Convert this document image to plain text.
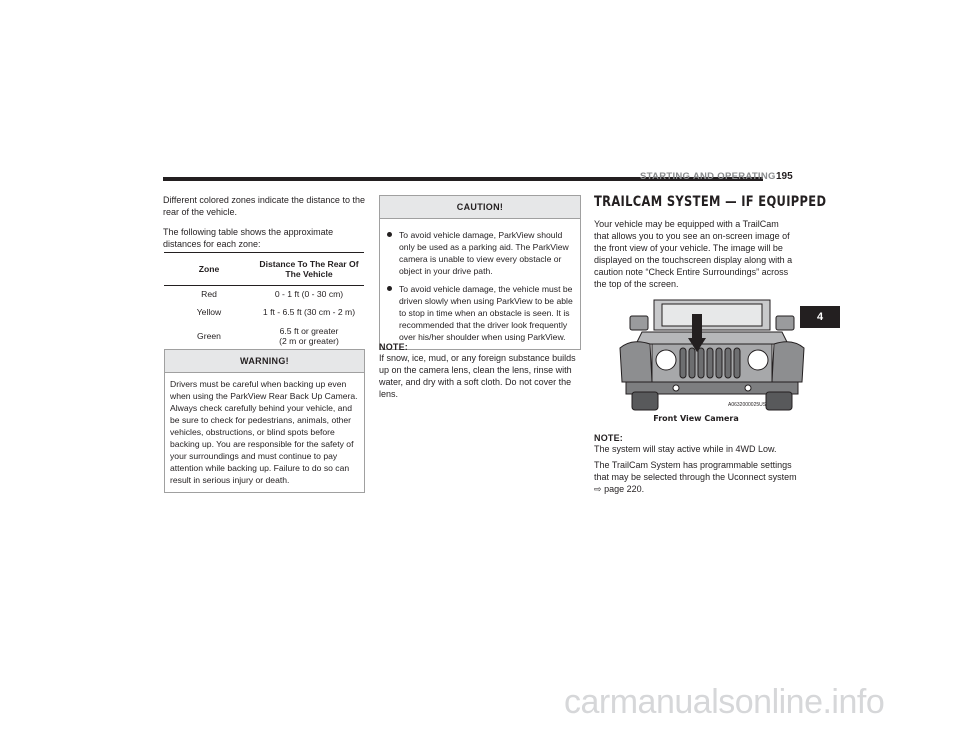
STARTING AND OPERATING 195

Different colored zones indicate the distance to the rear of the vehicle.

The following table shows the approximate distances for each zone:

Zone	Distance To The Rear Of
The Vehicle
Red	0 - 1 ft (0 - 30 cm)
Yellow	1 ft - 6.5 ft (30 cm - 2 m)
Green	6.5 ft or greater
(2 m or greater)
WARNING!
Drivers must be careful when backing up even when using the ParkView Rear Back Up Camera. Always check carefully behind your vehicle, and be sure to check for pedestrians, animals, other vehicles, obstructions, or blind spots before backing up. You are responsible for the safety of your surroundings and must continue to pay attention while backing up. Failure to do so can result in serious injury or death.
CAUTION!
To avoid vehicle damage, ParkView should only be used as a parking aid. The ParkView camera is unable to view every obstacle or object in your drive path.
To avoid vehicle damage, the vehicle must be driven slowly when using ParkView to be able to stop in time when an obstacle is seen. It is recommended that the driver look frequently over his/her shoulder when using ParkView.
NOTE:

If snow, ice, mud, or any foreign substance builds up on the camera lens, clean the lens, rinse with water, and dry with a soft cloth. Do not cover the lens.

TRAILCAM SYSTEM — IF EQUIPPED

Your vehicle may be equipped with a TrailCam that allows you to you see an on-screen image of the front view of your vehicle. The image will be displayed on the touchscreen display along with a caution note “Check Entire Surroundings” across the top of the screen.

A0632000025US
Front View Camera
NOTE:

The system will stay active while in 4WD Low.

The TrailCam System has programmable settings that may be selected through the Uconnect system

⇨ page 220.

4
carmanualsonline.info
